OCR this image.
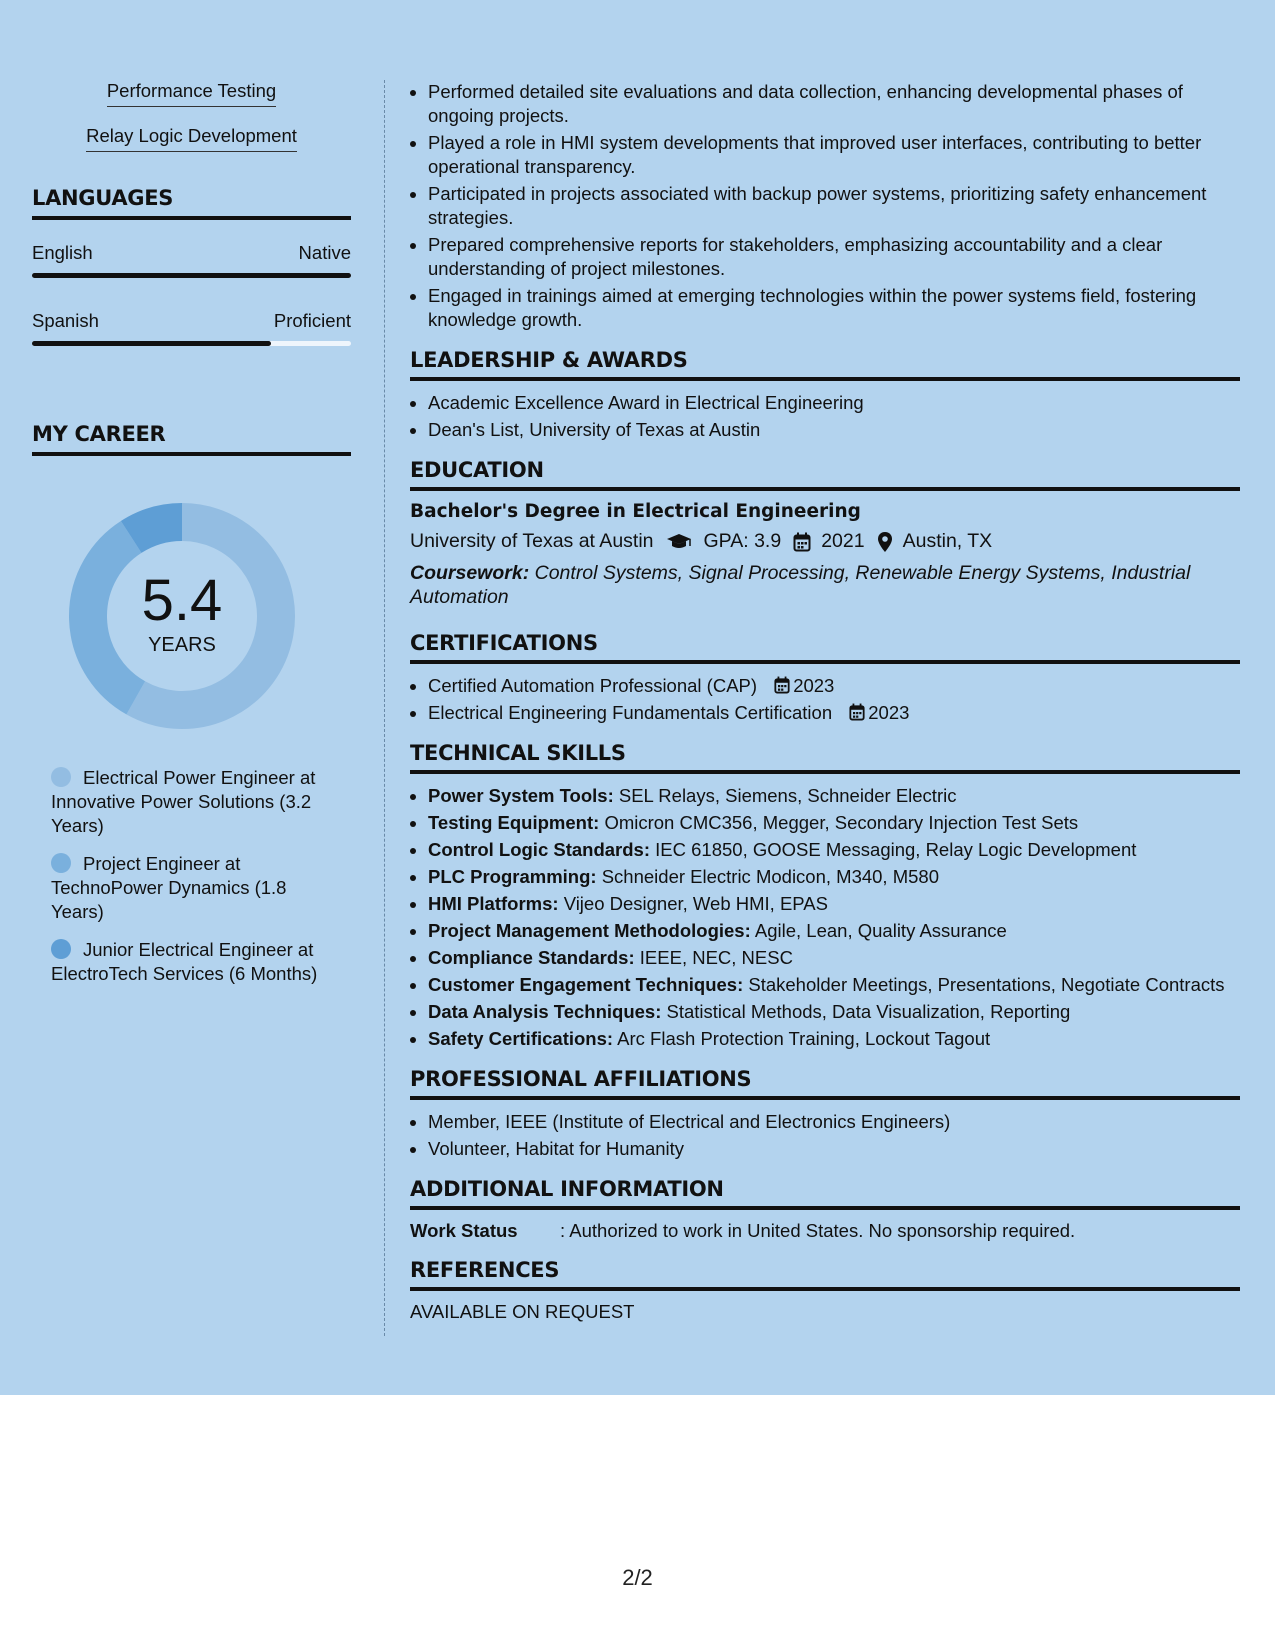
Performance Testing
Relay Logic Development
LANGUAGES
English	Native
Spanish	Proficient
MY CAREER
5.4
YEARS
Electrical Power Engineer at Innovative Power Solutions (3.2 Years)
Project Engineer at TechnoPower Dynamics (1.8 Years)
Junior Electrical Engineer at ElectroTech Services (6 Months)
• Performed detailed site evaluations and data collection, enhancing developmental phases of ongoing projects.
• Played a role in HMI system developments that improved user interfaces, contributing to better operational transparency.
• Participated in projects associated with backup power systems, prioritizing safety enhancement strategies.
• Prepared comprehensive reports for stakeholders, emphasizing accountability and a clear understanding of project milestones.
• Engaged in trainings aimed at emerging technologies within the power systems field, fostering knowledge growth.
LEADERSHIP & AWARDS
• Academic Excellence Award in Electrical Engineering
• Dean's List, University of Texas at Austin
EDUCATION
Bachelor's Degree in Electrical Engineering
University of Texas at Austin	GPA: 3.9 2021 Austin, TX
Coursework: Control Systems, Signal Processing, Renewable Energy Systems, Industrial Automation
CERTIFICATIONS
• Certified Automation Professional (CAP) 2023
• Electrical Engineering Fundamentals Certification 2023
TECHNICAL SKILLS
• Power System Tools: SEL Relays, Siemens, Schneider Electric
• Testing Equipment: Omicron CMC356, Megger, Secondary Injection Test Sets
• Control Logic Standards: IEC 61850, GOOSE Messaging, Relay Logic Development
• PLC Programming: Schneider Electric Modicon, M340, M580
• HMI Platforms: Vijeo Designer, Web HMI, EPAS
• Project Management Methodologies: Agile, Lean, Quality Assurance
• Compliance Standards: IEEE, NEC, NESC
• Customer Engagement Techniques: Stakeholder Meetings, Presentations, Negotiate Contracts
• Data Analysis Techniques: Statistical Methods, Data Visualization, Reporting
• Safety Certifications: Arc Flash Protection Training, Lockout Tagout
PROFESSIONAL AFFILIATIONS
• Member, IEEE (Institute of Electrical and Electronics Engineers)
• Volunteer, Habitat for Humanity
ADDITIONAL INFORMATION
Work Status	: Authorized to work in United States. No sponsorship required.
REFERENCES
AVAILABLE ON REQUEST
2/2
